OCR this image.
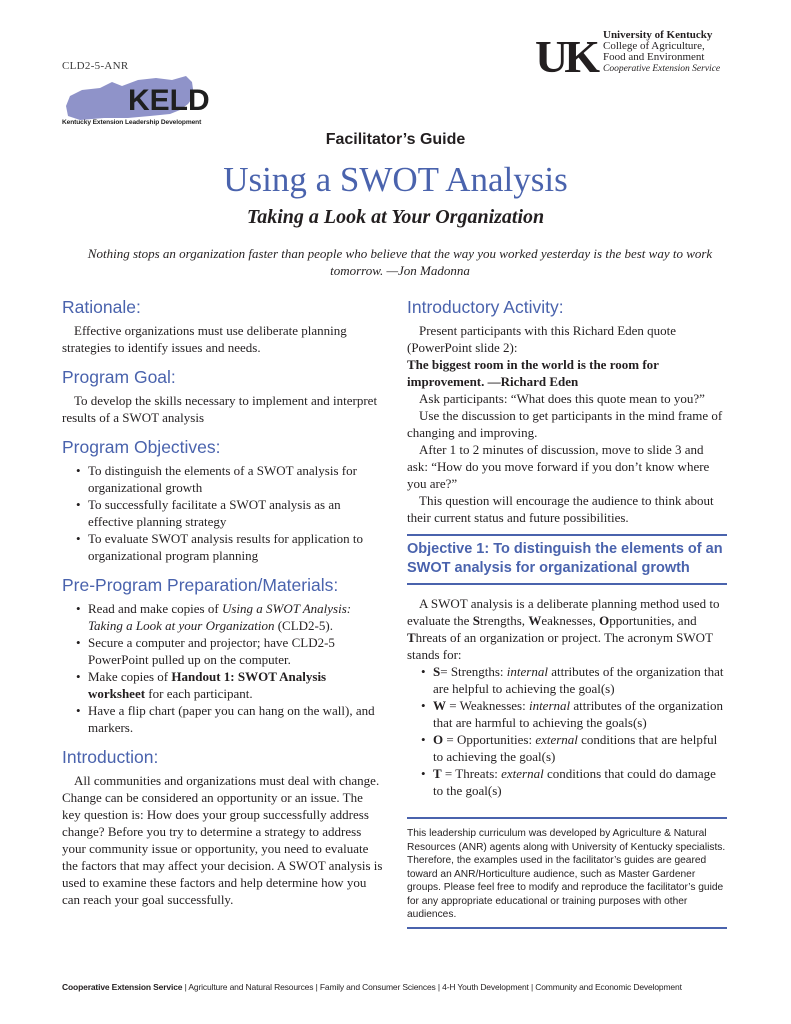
CLD2-5-ANR
KELD
Kentucky Extension Leadership Development
UK University of Kentucky
College of Agriculture,
Food and Environment
Cooperative Extension Service
Facilitator’s Guide
Using a SWOT Analysis
Taking a Look at Your Organization
Nothing stops an organization faster than people who believe that the way you worked yesterday is the best way to work tomorrow. —Jon Madonna
Rationale:

Effective organizations must use deliberate planning strategies to identify issues and needs.

Program Goal:

To develop the skills necessary to implement and interpret results of a SWOT analysis

Program Objectives:
• To distinguish the elements of a SWOT analysis for organizational growth
• To successfully facilitate a SWOT analysis as an effective planning strategy
• To evaluate SWOT analysis results for application to organizational program planning
Pre-Program Preparation/Materials:
• Read and make copies of Using a SWOT Analysis: Taking a Look at your Organization (CLD2-5).
• Secure a computer and projector; have CLD2-5 PowerPoint pulled up on the computer.
• Make copies of Handout 1: SWOT Analysis worksheet for each participant.
• Have a flip chart (paper you can hang on the wall), and markers.
Introduction:

All communities and organizations must deal with change. Change can be considered an opportunity or an issue. The key question is: How does your group successfully address change? Before you try to determine a strategy to address your community issue or opportunity, you need to evaluate the factors that may affect your decision. A SWOT analysis is used to examine these factors and help determine how you can reach your goal successfully.

Introductory Activity:

Present participants with this Richard Eden quote (PowerPoint slide 2):

The biggest room in the world is the room for improvement. —Richard Eden

Ask participants: “What does this quote mean to you?”

Use the discussion to get participants in the mind frame of changing and improving.

After 1 to 2 minutes of discussion, move to slide 3 and ask: “How do you move forward if you don’t know where you are?”

This question will encourage the audience to think about their current status and future possibilities.

Objective 1: To distinguish the elements of an SWOT analysis for organizational growth

A SWOT analysis is a deliberate planning method used to evaluate the Strengths, Weaknesses, Opportunities, and Threats of an organization or project. The acronym SWOT stands for:

• S= Strengths: internal attributes of the organization that are helpful to achieving the goal(s)
• W = Weaknesses: internal attributes of the organization that are harmful to achieving the goals(s)
• O = Opportunities: external conditions that are helpful to achieving the goal(s)
• T = Threats: external conditions that could do damage to the goal(s)
This leadership curriculum was developed by Agriculture & Natural Resources (ANR) agents along with University of Kentucky specialists. Therefore, the examples used in the facilitator’s guides are geared toward an ANR/Horticulture audience, such as Master Gardener groups. Please feel free to modify and reproduce the facilitator’s guide for any appropriate educational or training purposes with other audiences.
Cooperative Extension Service | Agriculture and Natural Resources | Family and Consumer Sciences | 4-H Youth Development | Community and Economic Development
